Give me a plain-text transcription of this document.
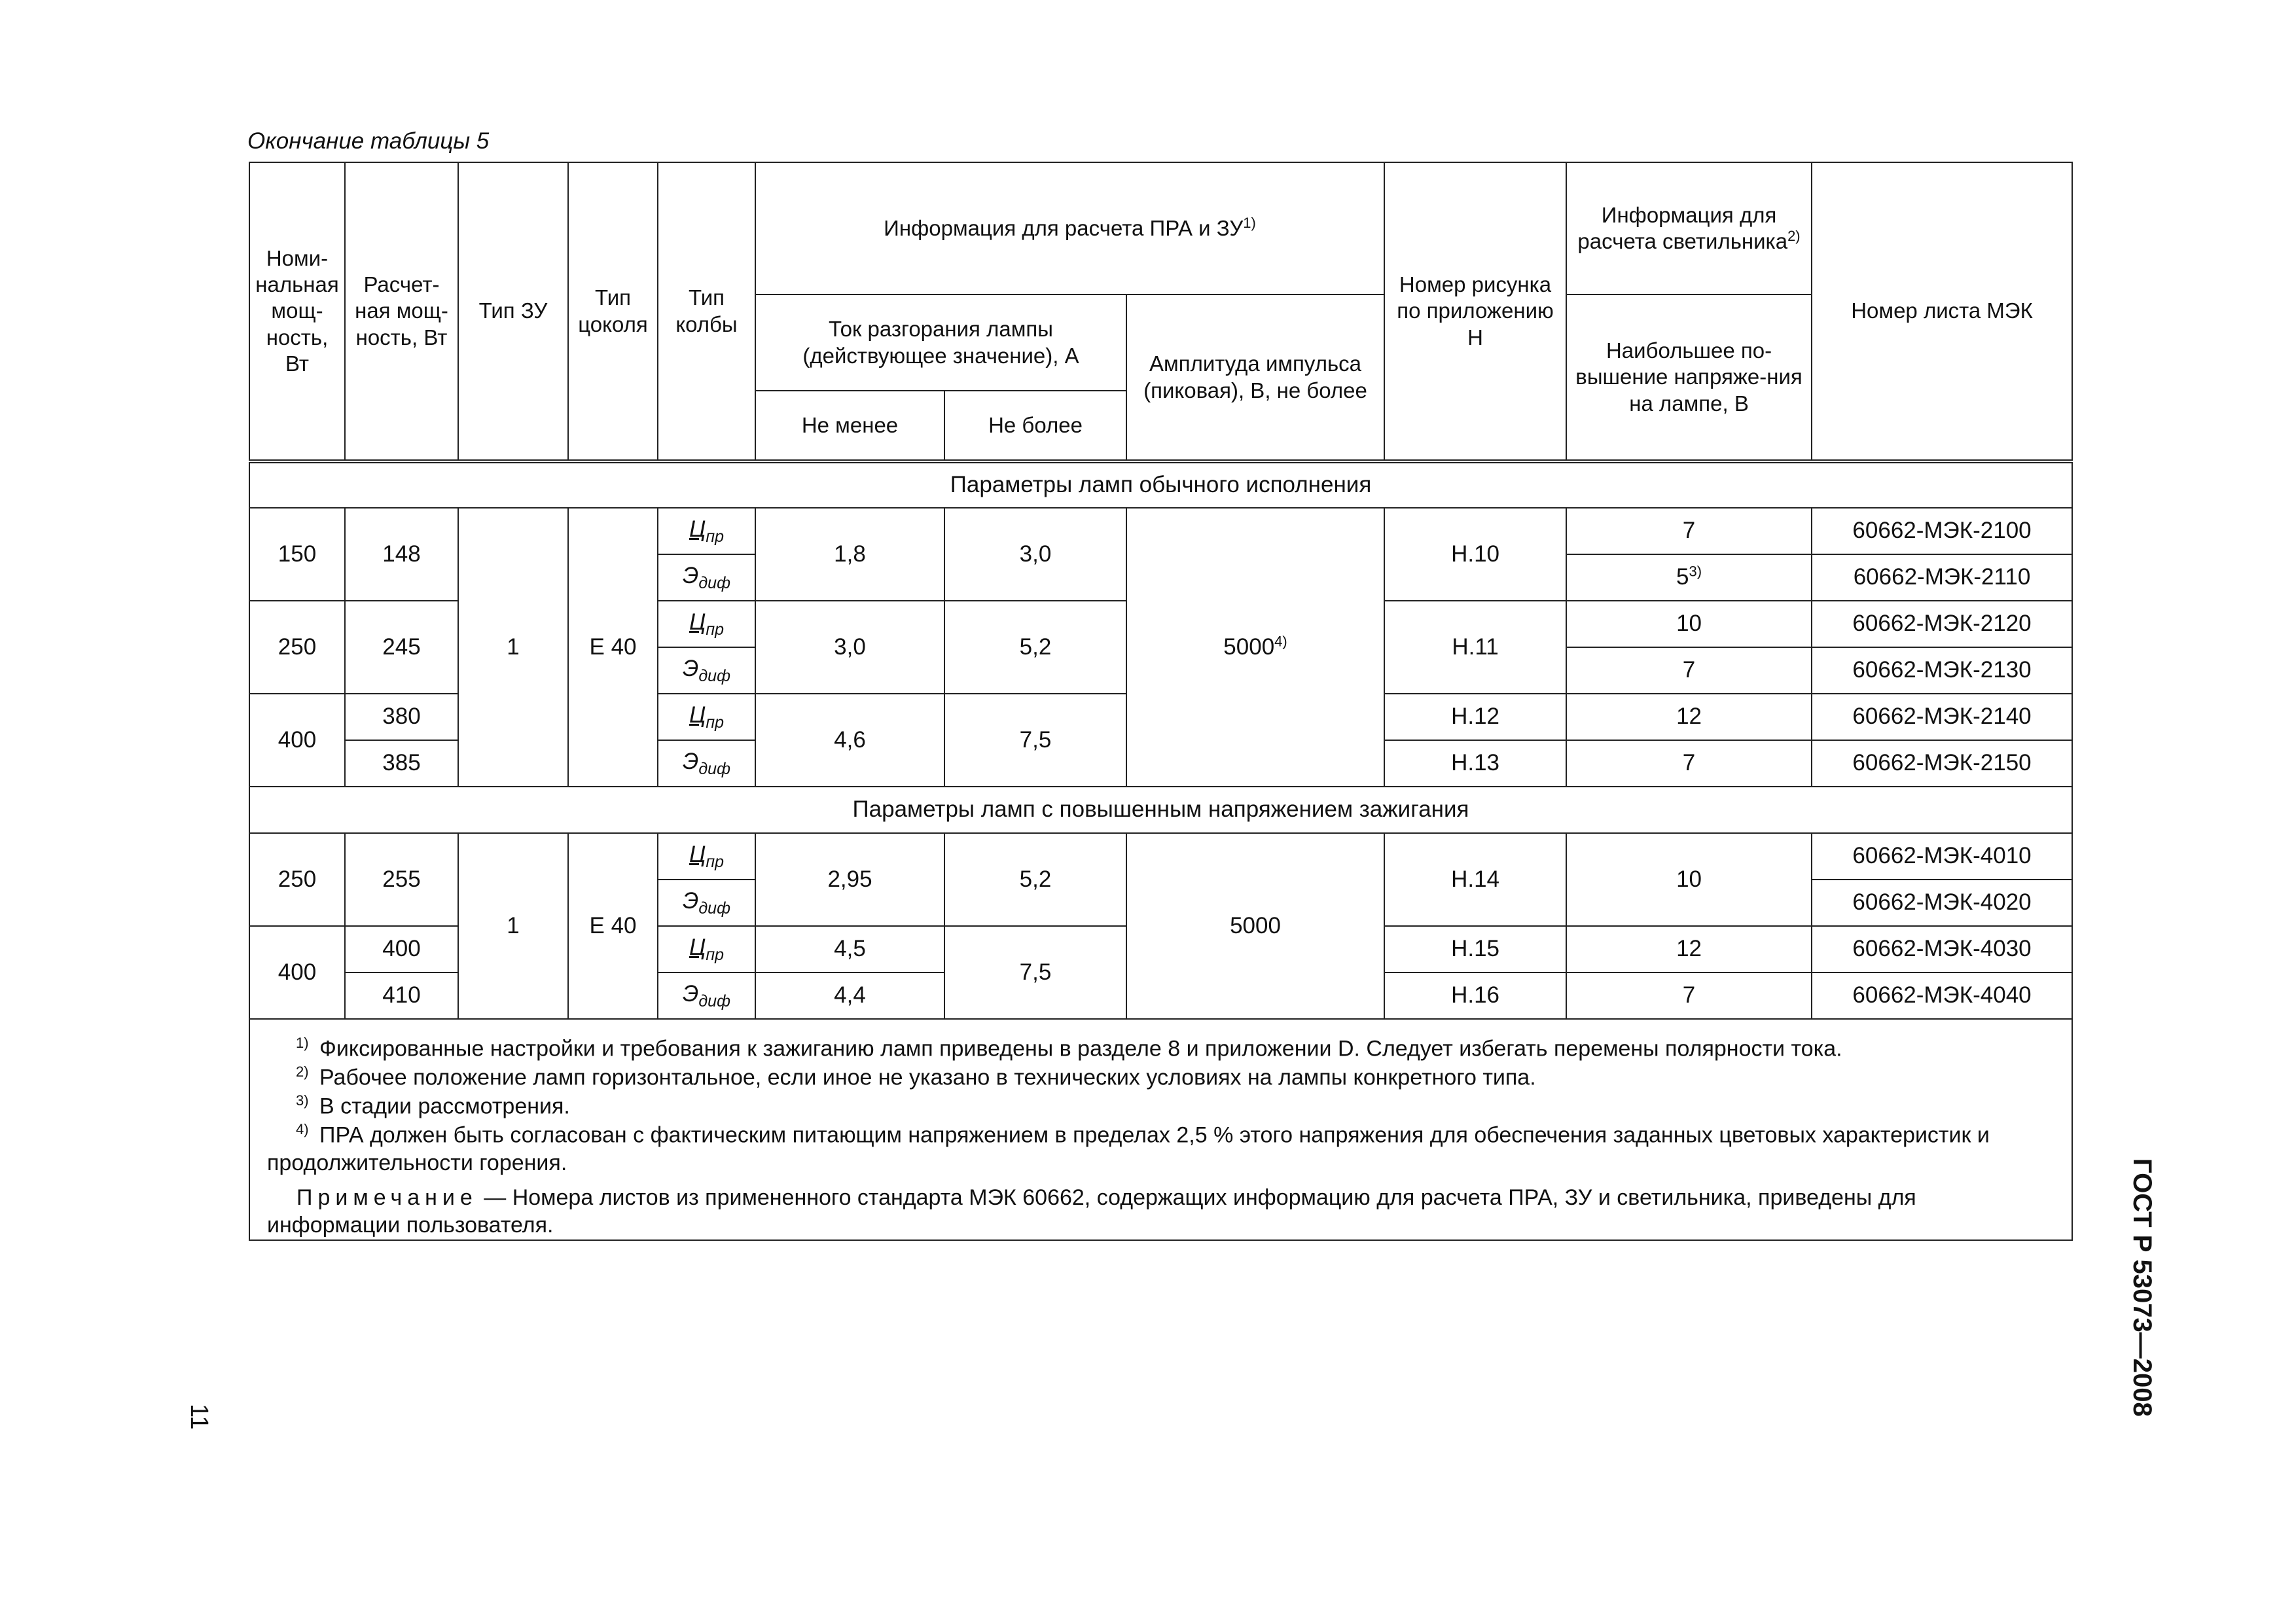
Окончание таблицы 5
Номи-нальная мощ-ность, Вт	Расчет-ная мощ-ность, Вт	Тип ЗУ	Тип цоколя	Тип колбы	Информация для расчета ПРА и ЗУ$^{1)}$			Номер рисунка по приложению Н	Информация для расчета светильника$^{2)}$	Номер листа МЭК
					Ток разгорания лампы (действующее значение), А		Амплитуда импульса (пиковая), В, не более		Наибольшее по-вышение напряже-ния на лампе, В	
					Не менее	Не более				
Параметры ламп обычного исполнения										
150	148	1	Е 40	$Ц_{пр}$	1,8	3,0	5000$^{4)}$	Н.10	7	60662-МЭК-2100
				$Э_{диф}$					5$^{3)}$	60662-МЭК-2110
250	245			$Ц_{пр}$	3,0	5,2		Н.11	10	60662-МЭК-2120
				$Э_{диф}$					7	60662-МЭК-2130
400	380			$Ц_{пр}$	4,6	7,5		Н.12	12	60662-МЭК-2140
	385			$Э_{диф}$				Н.13	7	60662-МЭК-2150
Параметры ламп с повышенным напряжением зажигания										
250	255	1	Е 40	$Ц_{пр}$	2,95	5,2	5000	Н.14	10	60662-МЭК-4010
				$Э_{диф}$						60662-МЭК-4020
400	400			$Ц_{пр}$	4,5	7,5		Н.15	12	60662-МЭК-4030
	410			$Э_{диф}$	4,4			Н.16	7	60662-МЭК-4040

1) Фиксированные настройки и требования к зажиганию ламп приведены в разделе 8 и приложении D. Следует избегать перемены полярности тока.
2) Рабочее положение ламп горизонтальное, если иное не указано в технических условиях на лампы конкретного типа.
3) В стадии рассмотрения.
4) ПРА должен быть согласован с фактическим питающим напряжением в пределах 2,5 % этого напряжения для обеспечения заданных цветовых характеристик и продолжительности горения.
Примечание — Номера листов из примененного стандарта МЭК 60662, содержащих информацию для расчета ПРА, ЗУ и светильника, приведены для информации пользователя.											ГОСТ Р 53073—2008
11
